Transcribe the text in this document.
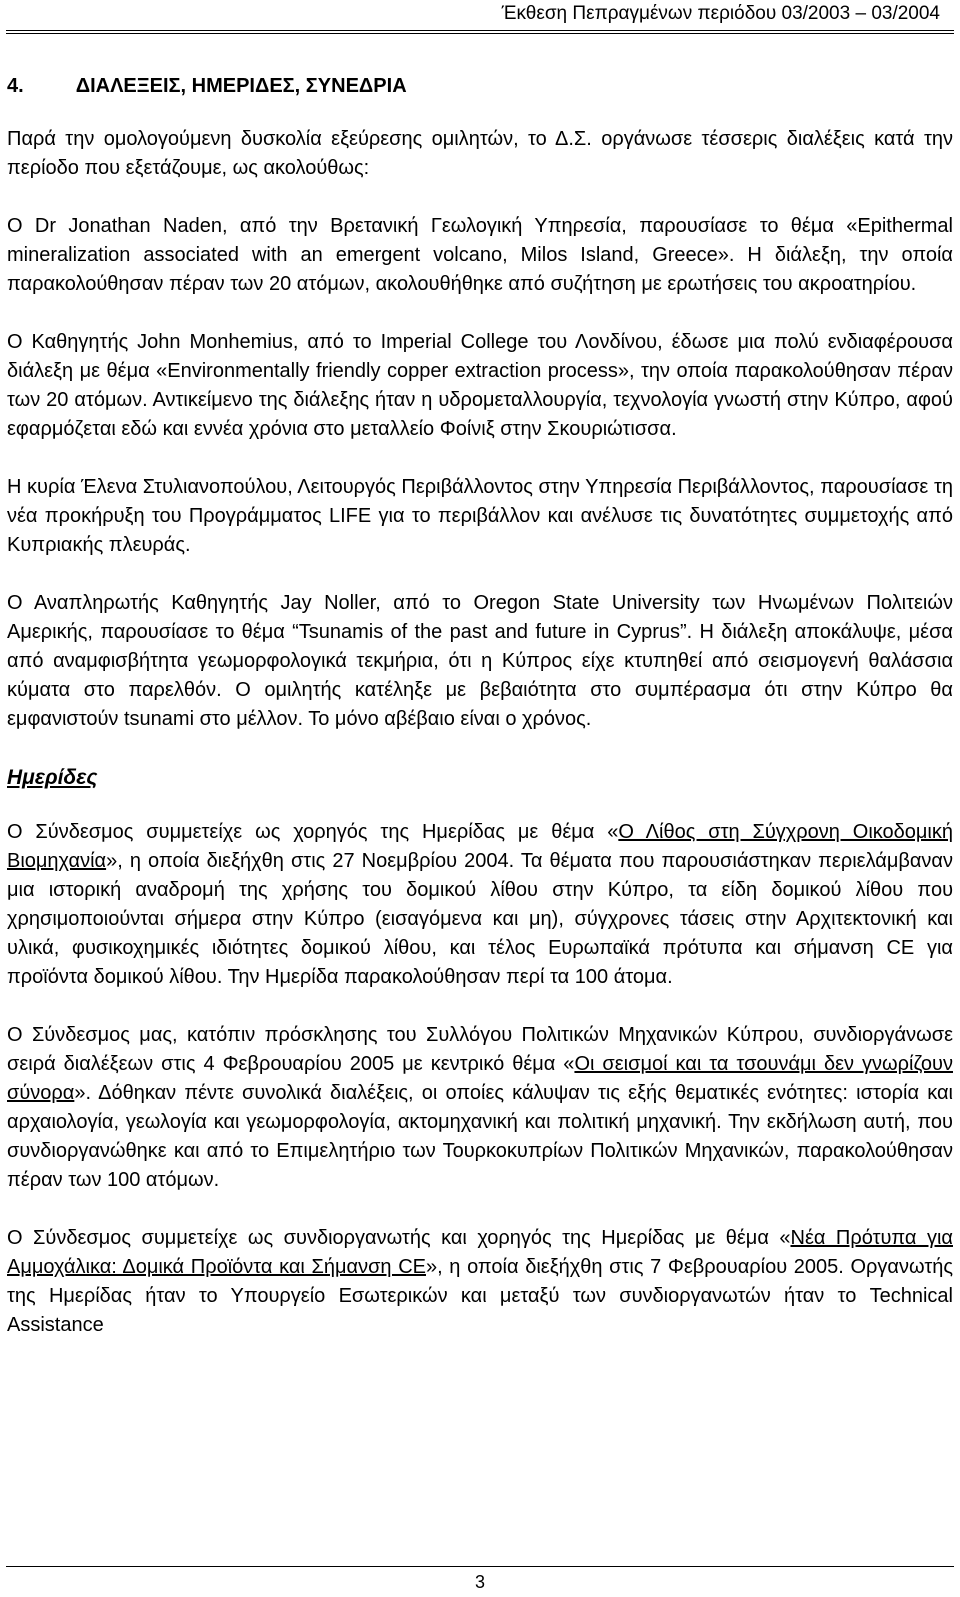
Έκθεση Πεπραγμένων περιόδου 03/2003 – 03/2004
4.	ΔΙΑΛΕΞΕΙΣ, ΗΜΕΡΙΔΕΣ, ΣΥΝΕΔΡΙΑ

Παρά την ομολογούμενη δυσκολία εξεύρεσης ομιλητών, το Δ.Σ. οργάνωσε τέσσερις διαλέξεις κατά την περίοδο που εξετάζουμε, ως ακολούθως:

Ο Dr Jonathan Naden, από την Βρετανική Γεωλογική Υπηρεσία, παρουσίασε το θέμα «Epithermal mineralization associated with an emergent volcano, Milos Island, Greece». Η διάλεξη, την οποία παρακολούθησαν πέραν των 20 ατόμων, ακολουθήθηκε από συζήτηση με ερωτήσεις του ακροατηρίου.

Ο Καθηγητής John Monhemius, από το Imperial College του Λονδίνου, έδωσε μια πολύ ενδιαφέρουσα διάλεξη με θέμα «Environmentally friendly copper extraction process», την οποία παρακολούθησαν πέραν των 20 ατόμων. Αντικείμενο της διάλεξης ήταν η υδρομεταλλουργία, τεχνολογία γνωστή στην Κύπρο, αφού εφαρμόζεται εδώ και εννέα χρόνια στο μεταλλείο Φοίνιξ στην Σκουριώτισσα.

Η κυρία Έλενα Στυλιανοπούλου, Λειτουργός Περιβάλλοντος στην Υπηρεσία Περιβάλλοντος, παρουσίασε τη νέα προκήρυξη του Προγράμματος LIFE για το περιβάλλον και ανέλυσε τις δυνατότητες συμμετοχής από Κυπριακής πλευράς.

Ο Αναπληρωτής Καθηγητής Jay Noller, από το Oregon State University των Ηνωμένων Πολιτειών Αμερικής, παρουσίασε το θέμα “Tsunamis of the past and future in Cyprus”. Η διάλεξη αποκάλυψε, μέσα από αναμφισβήτητα γεωμορφολογικά τεκμήρια, ότι η Κύπρος είχε κτυπηθεί από σεισμογενή θαλάσσια κύματα στο παρελθόν. Ο ομιλητής κατέληξε με βεβαιότητα στο συμπέρασμα ότι στην Κύπρο θα εμφανιστούν tsunami στο μέλλον. Το μόνο αβέβαιο είναι ο χρόνος.

Ημερίδες

Ο Σύνδεσμος συμμετείχε ως χορηγός της Ημερίδας με θέμα «Ο Λίθος στη Σύγχρονη Οικοδομική Βιομηχανία», η οποία διεξήχθη στις 27 Νοεμβρίου 2004. Τα θέματα που παρουσιάστηκαν περιελάμβαναν μια ιστορική αναδρομή της χρήσης του δομικού λίθου στην Κύπρο, τα είδη δομικού λίθου που χρησιμοποιούνται σήμερα στην Κύπρο (εισαγόμενα και μη), σύγχρονες τάσεις στην Αρχιτεκτονική και υλικά, φυσικοχημικές ιδιότητες δομικού λίθου, και τέλος Ευρωπαϊκά πρότυπα και σήμανση CE για προϊόντα δομικού λίθου. Την Ημερίδα παρακολούθησαν περί τα 100 άτομα.

Ο Σύνδεσμος μας, κατόπιν πρόσκλησης του Συλλόγου Πολιτικών Μηχανικών Κύπρου, συνδιοργάνωσε σειρά διαλέξεων στις 4 Φεβρουαρίου 2005 με κεντρικό θέμα «Οι σεισμοί και τα τσουνάμι δεν γνωρίζουν σύνορα». Δόθηκαν πέντε συνολικά διαλέξεις, οι οποίες κάλυψαν τις εξής θεματικές ενότητες: ιστορία και αρχαιολογία, γεωλογία και γεωμορφολογία, ακτομηχανική και πολιτική μηχανική. Την εκδήλωση αυτή, που συνδιοργανώθηκε και από το Επιμελητήριο των Τουρκοκυπρίων Πολιτικών Μηχανικών, παρακολούθησαν πέραν των 100 ατόμων.

Ο Σύνδεσμος συμμετείχε ως συνδιοργανωτής και χορηγός της Ημερίδας με θέμα «Νέα Πρότυπα για Αμμοχάλικα: Δομικά Προϊόντα και Σήμανση CE», η οποία διεξήχθη στις 7 Φεβρουαρίου 2005. Οργανωτής της Ημερίδας ήταν το Υπουργείο Εσωτερικών και μεταξύ των συνδιοργανωτών ήταν το Technical Assistance

3
